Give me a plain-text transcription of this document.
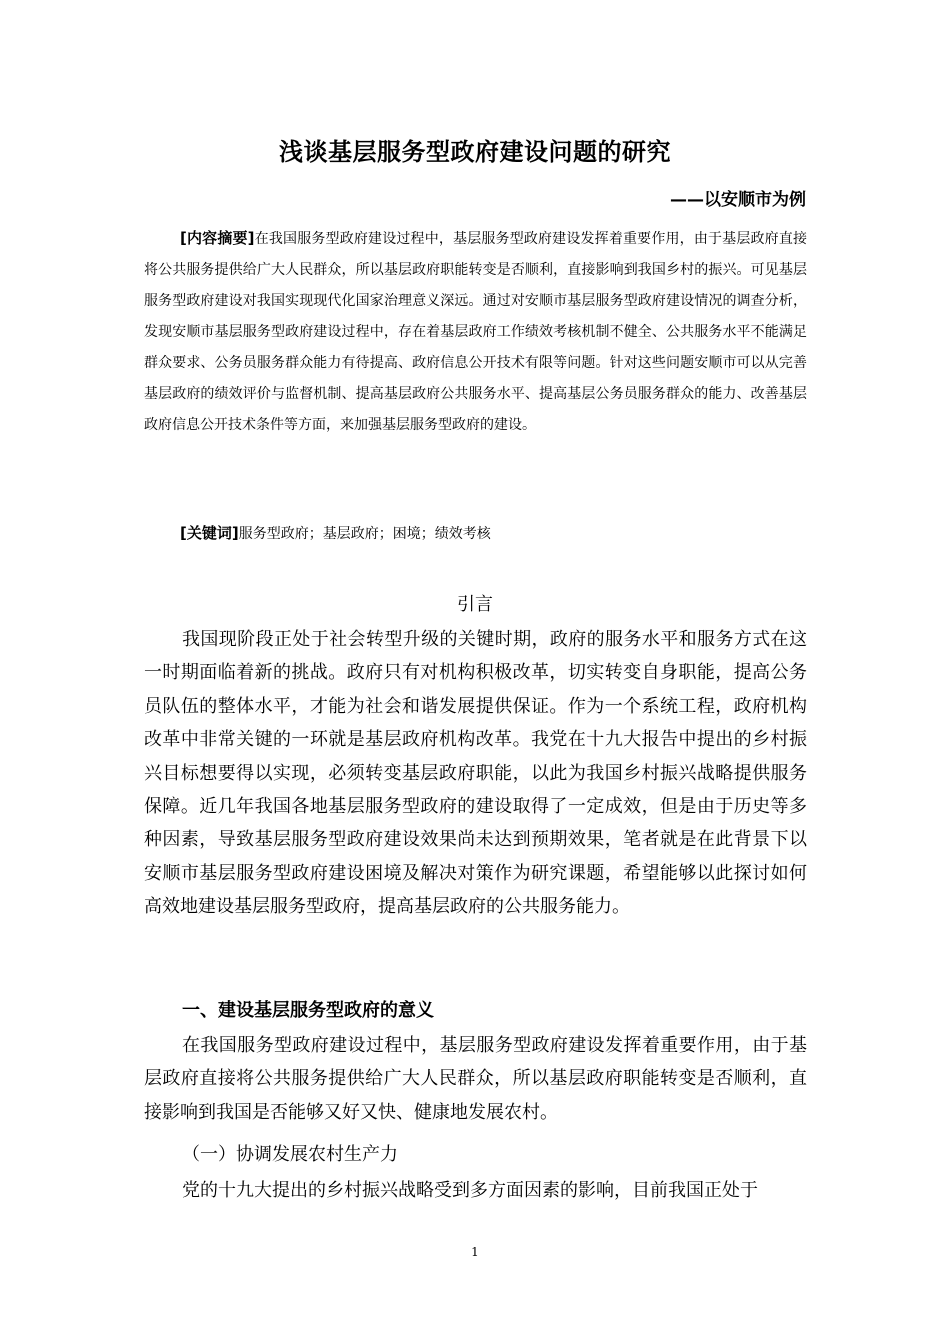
浅谈基层服务型政府建设问题的研究
——以安顺市为例

[内容摘要]在我国服务型政府建设过程中，基层服务型政府建设发挥着重要作用，由于基层政府直接将公共服务提供给广大人民群众，所以基层政府职能转变是否顺利，直接影响到我国乡村的振兴。可见基层服务型政府建设对我国实现现代化国家治理意义深远。通过对安顺市基层服务型政府建设情况的调查分析，发现安顺市基层服务型政府建设过程中，存在着基层政府工作绩效考核机制不健全、公共服务水平不能满足群众要求、公务员服务群众能力有待提高、政府信息公开技术有限等问题。针对这些问题安顺市可以从完善基层政府的绩效评价与监督机制、提高基层政府公共服务水平、提高基层公务员服务群众的能力、改善基层政府信息公开技术条件等方面，来加强基层服务型政府的建设。

[关键词]服务型政府；基层政府；困境；绩效考核

引言

我国现阶段正处于社会转型升级的关键时期，政府的服务水平和服务方式在这一时期面临着新的挑战。政府只有对机构积极改革，切实转变自身职能，提高公务员队伍的整体水平，才能为社会和谐发展提供保证。作为一个系统工程，政府机构改革中非常关键的一环就是基层政府机构改革。我党在十九大报告中提出的乡村振兴目标想要得以实现，必须转变基层政府职能，以此为我国乡村振兴战略提供服务保障。近几年我国各地基层服务型政府的建设取得了一定成效，但是由于历史等多种因素，导致基层服务型政府建设效果尚未达到预期效果，笔者就是在此背景下以安顺市基层服务型政府建设困境及解决对策作为研究课题，希望能够以此探讨如何高效地建设基层服务型政府，提高基层政府的公共服务能力。

一、建设基层服务型政府的意义

在我国服务型政府建设过程中，基层服务型政府建设发挥着重要作用，由于基层政府直接将公共服务提供给广大人民群众，所以基层政府职能转变是否顺利，直接影响到我国是否能够又好又快、健康地发展农村。

（一）协调发展农村生产力

党的十九大提出的乡村振兴战略受到多方面因素的影响，目前我国正处于

1
